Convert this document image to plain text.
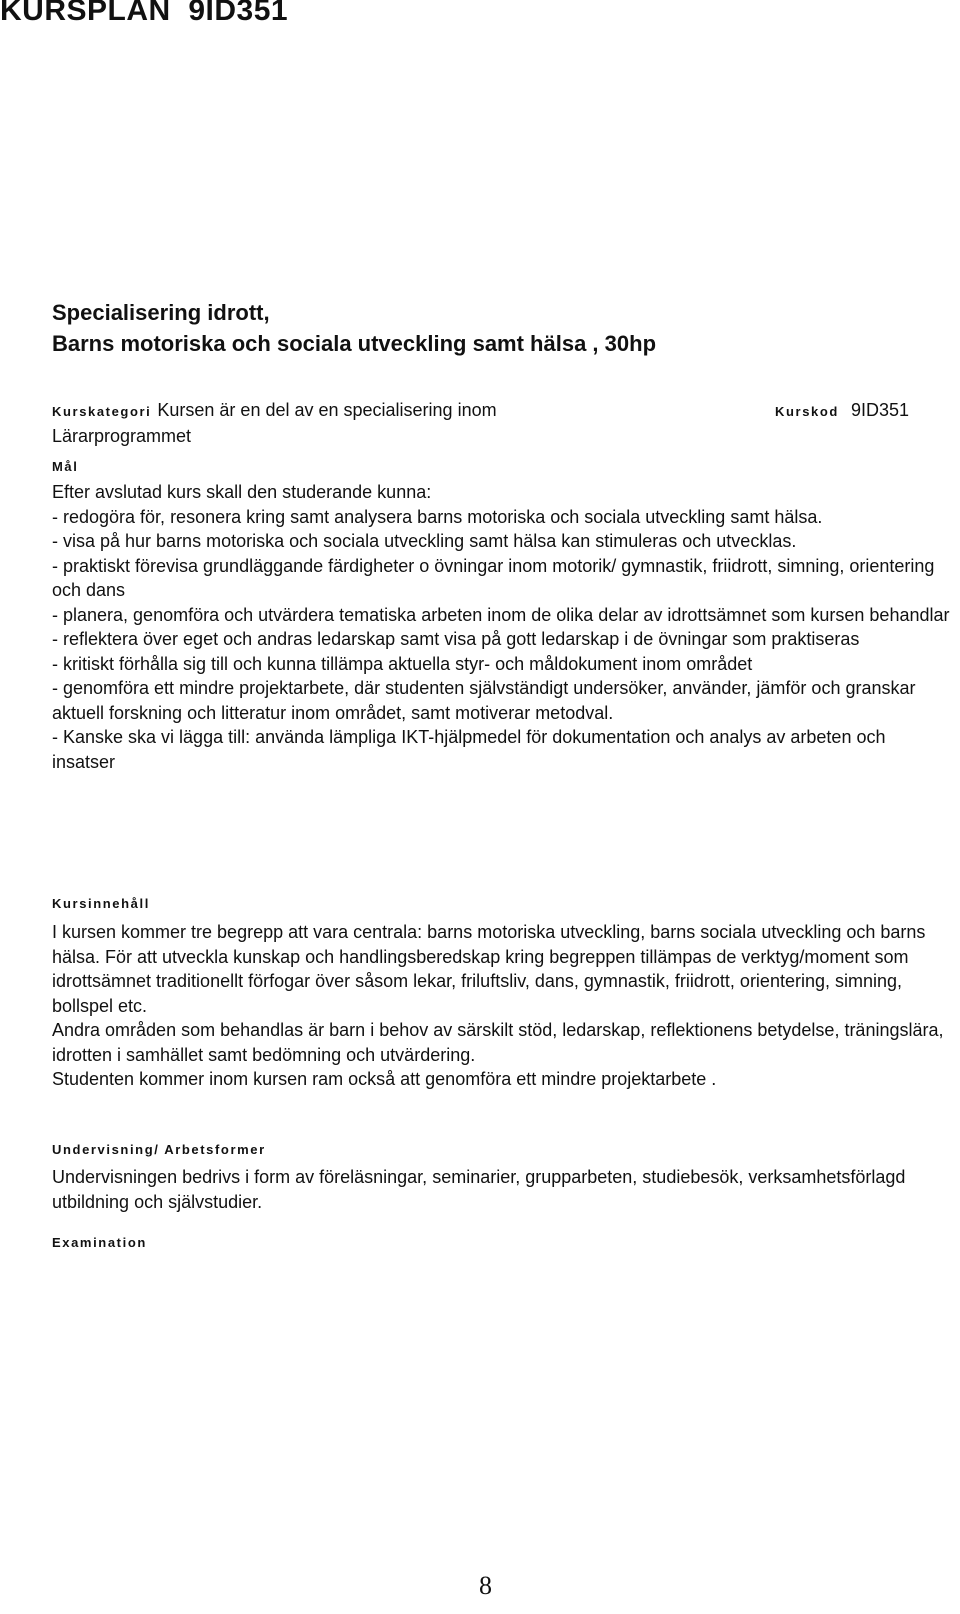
KURSPLAN  9ID351
Specialisering idrott,
Barns motoriska och sociala utveckling samt hälsa , 30hp
Kurskategori Kursen är en del av en specialisering inom Lärarprogrammet
Kurskod 9ID351
Mål

Efter avslutad kurs skall den studerande kunna:

- redogöra för, resonera kring samt analysera barns motoriska och sociala utveckling samt hälsa.

- visa på hur barns motoriska och sociala utveckling samt hälsa kan stimuleras och utvecklas.

- praktiskt förevisa grundläggande färdigheter o övningar inom motorik/ gymnastik, friidrott, simning, orientering och dans

- planera, genomföra och utvärdera tematiska arbeten inom de olika delar av idrottsämnet som kursen behandlar

- reflektera över eget och andras ledarskap samt visa på gott ledarskap i de övningar som praktiseras

- kritiskt förhålla sig till och kunna tillämpa aktuella styr- och måldokument inom området

- genomföra ett mindre projektarbete, där studenten självständigt undersöker, använder, jämför och granskar aktuell forskning och litteratur inom området, samt motiverar metodval.

- Kanske ska vi lägga till: använda lämpliga IKT-hjälpmedel för dokumentation och analys av arbeten och insatser

Kursinnehåll

I kursen kommer tre begrepp att vara centrala: barns motoriska utveckling, barns sociala utveckling och barns hälsa. För att utveckla kunskap och handlingsberedskap kring begreppen tillämpas de verktyg/moment som idrottsämnet traditionellt förfogar över såsom lekar, friluftsliv, dans, gymnastik, friidrott, orientering, simning, bollspel etc.

Andra områden som behandlas är barn i behov av särskilt stöd, ledarskap, reflektionens betydelse, träningslära, idrotten i samhället samt bedömning och utvärdering.

Studenten kommer inom kursen ram också att genomföra ett mindre projektarbete .

Undervisning/ Arbetsformer

Undervisningen bedrivs i form av föreläsningar, seminarier, grupparbeten, studiebesök, verksamhetsförlagd utbildning och självstudier.

Examination

8
